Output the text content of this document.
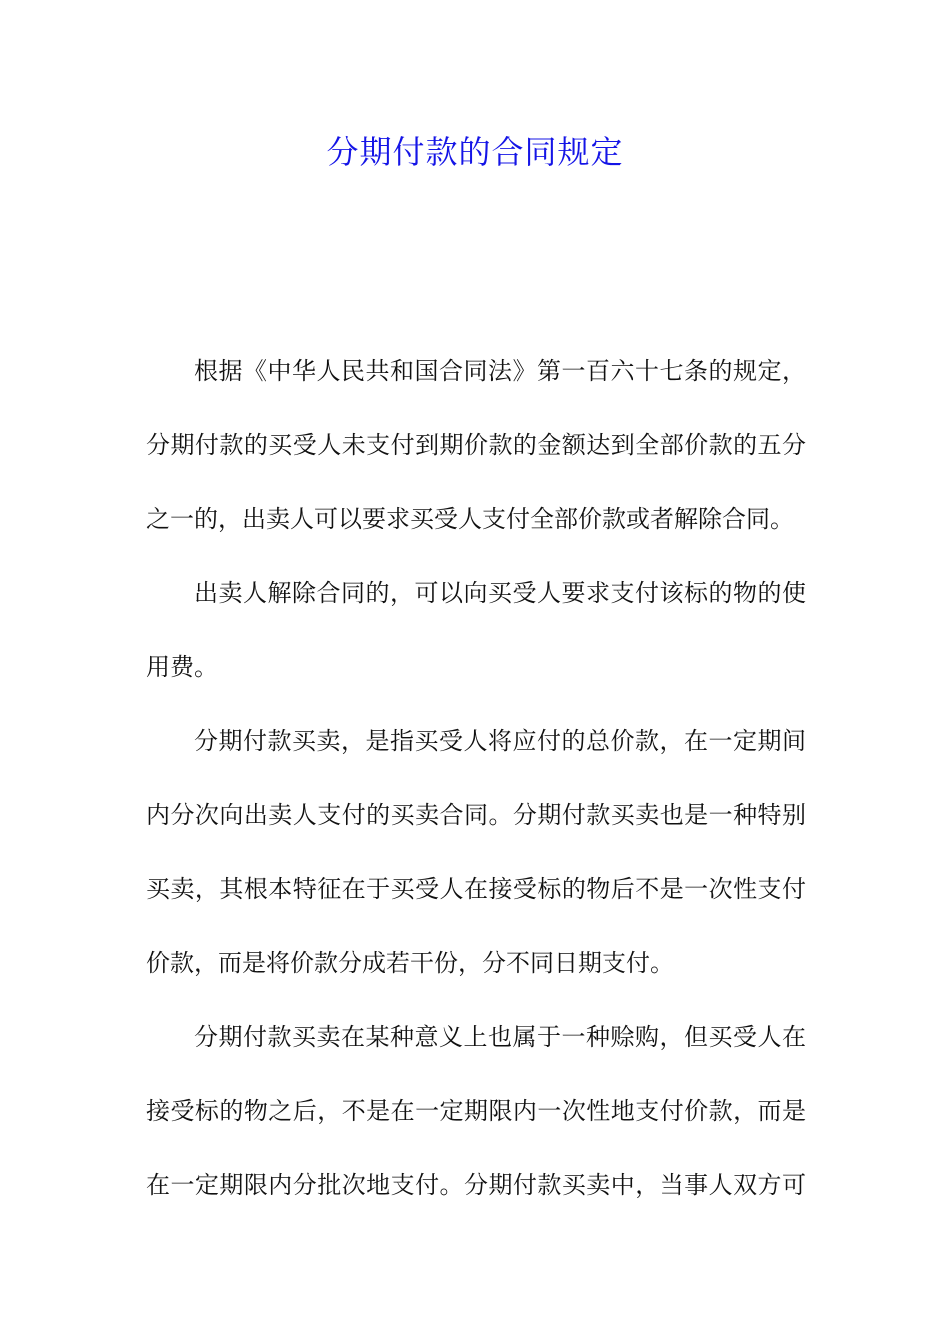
分期付款的合同规定
根据《中华人民共和国合同法》第一百六十七条的规定，
分期付款的买受人未支付到期价款的金额达到全部价款的五分
之一的，出卖人可以要求买受人支付全部价款或者解除合同。
出卖人解除合同的，可以向买受人要求支付该标的物的使
用费。
分期付款买卖，是指买受人将应付的总价款，在一定期间
内分次向出卖人支付的买卖合同。分期付款买卖也是一种特别
买卖，其根本特征在于买受人在接受标的物后不是一次性支付
价款，而是将价款分成若干份，分不同日期支付。
分期付款买卖在某种意义上也属于一种赊购，但买受人在
接受标的物之后，不是在一定期限内一次性地支付价款，而是
在一定期限内分批次地支付。分期付款买卖中，当事人双方可
